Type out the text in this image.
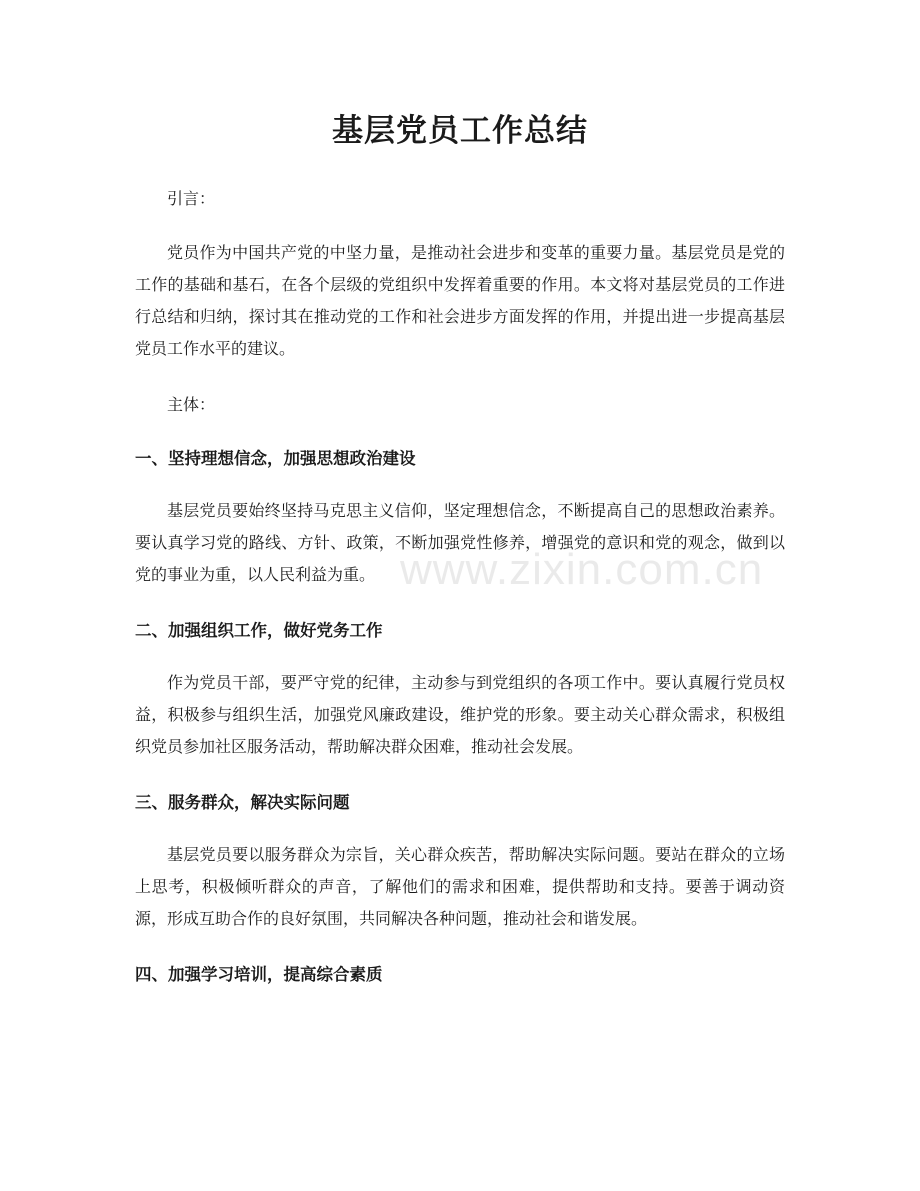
www.zixin.com.cn
基层党员工作总结

引言：

党员作为中国共产党的中坚力量，是推动社会进步和变革的重要力量。基层党员是党的工作的基础和基石，在各个层级的党组织中发挥着重要的作用。本文将对基层党员的工作进行总结和归纳，探讨其在推动党的工作和社会进步方面发挥的作用，并提出进一步提高基层党员工作水平的建议。

主体：

一、坚持理想信念，加强思想政治建设

基层党员要始终坚持马克思主义信仰，坚定理想信念，不断提高自己的思想政治素养。要认真学习党的路线、方针、政策，不断加强党性修养，增强党的意识和党的观念，做到以党的事业为重，以人民利益为重。

二、加强组织工作，做好党务工作

作为党员干部，要严守党的纪律，主动参与到党组织的各项工作中。要认真履行党员权益，积极参与组织生活，加强党风廉政建设，维护党的形象。要主动关心群众需求，积极组织党员参加社区服务活动，帮助解决群众困难，推动社会发展。

三、服务群众，解决实际问题

基层党员要以服务群众为宗旨，关心群众疾苦，帮助解决实际问题。要站在群众的立场上思考，积极倾听群众的声音，了解他们的需求和困难，提供帮助和支持。要善于调动资源，形成互助合作的良好氛围，共同解决各种问题，推动社会和谐发展。

四、加强学习培训，提高综合素质
